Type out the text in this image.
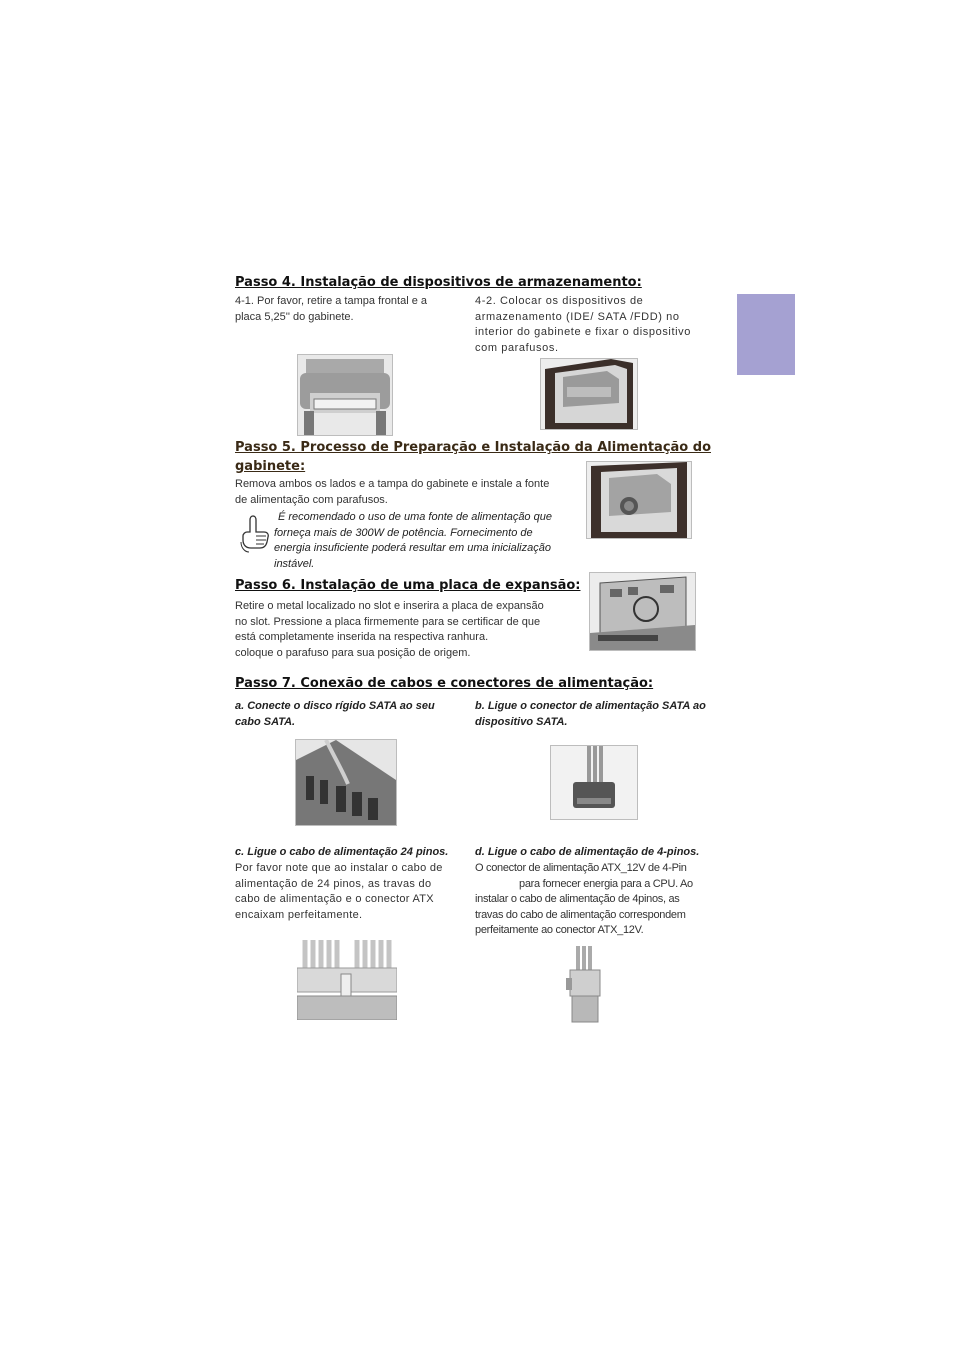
Passo 4. Instalação de dispositivos de armazenamento:
4-1. Por favor, retire a tampa frontal e a
placa 5,25'' do gabinete.
4-2. Colocar os dispositivos de
armazenamento (IDE/ SATA /FDD) no
interior do gabinete e fixar o dispositivo
com parafusos.
Passo 5. Processo de Preparação e Instalação da Alimentação do
gabinete:
Remova ambos os lados e a tampa do gabinete e instale a fonte
de alimentação com parafusos.
É recomendado o uso de uma fonte de alimentação que
forneça mais de 300W de potência. Fornecimento de
energia insuficiente poderá resultar em uma inicialização
instável.
Passo 6. Instalação de uma placa de expansão:
Retire o metal localizado no slot e inserira a placa de expansão
no slot. Pressione a placa firmemente para se certificar de que
está completamente inserida na respectiva ranhura.
coloque o parafuso para sua posição de origem.
Passo 7. Conexão de cabos e conectores de alimentação:
a. Conecte o disco rígido SATA ao seu
cabo SATA.
b. Ligue o conector de alimentação SATA ao
dispositivo SATA.
c. Ligue o cabo de alimentação 24 pinos.
Por favor note que ao instalar o cabo de
alimentação de 24 pinos, as travas do
cabo de alimentação e o conector ATX
encaixam perfeitamente.
d. Ligue o cabo de alimentação de 4-pinos.
O conector de alimentação ATX_12V de 4-Pin
para fornecer energia para a CPU. Ao
instalar o cabo de alimentação de 4pinos, as
travas do cabo de alimentação correspondem
perfeitamente ao conector ATX_12V.
